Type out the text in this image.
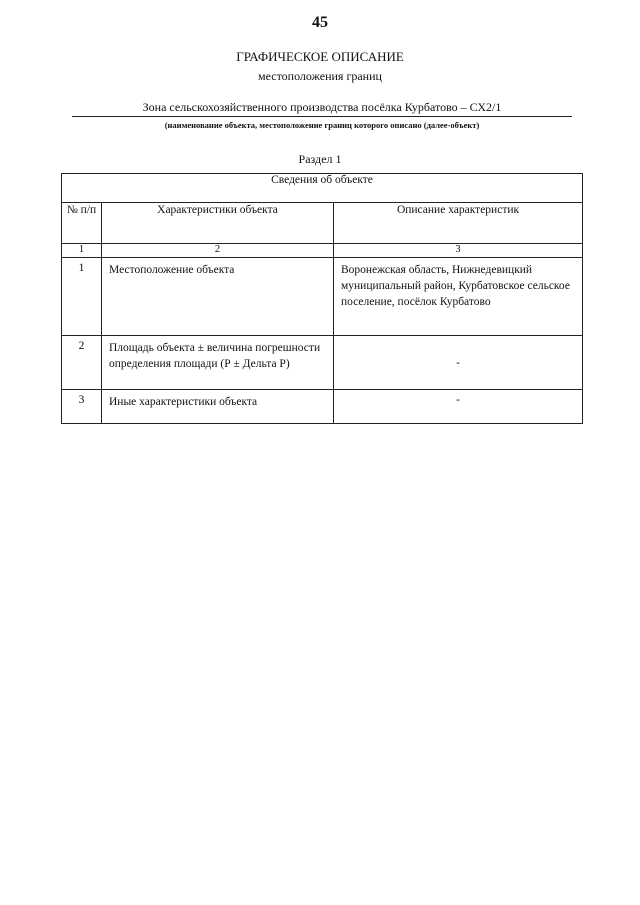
45
ГРАФИЧЕСКОЕ ОПИСАНИЕ
местоположения границ
Зона сельскохозяйственного производства посёлка Курбатово – СХ2/1
(наименование объекта, местоположение границ которого описано (далее-объект)
Раздел 1
Сведения об объекте		
№ п/п	Характеристики объекта	Описание характеристик
1	2	3
1	Местоположение объекта	Воронежская область, Нижнедевицкий муниципальный район, Курбатовское сельское поселение, посёлок Курбатово
2	Площадь объекта ± величина погрешности определения площади (Р ± Дельта Р)	-
3	Иные характеристики объекта	-
